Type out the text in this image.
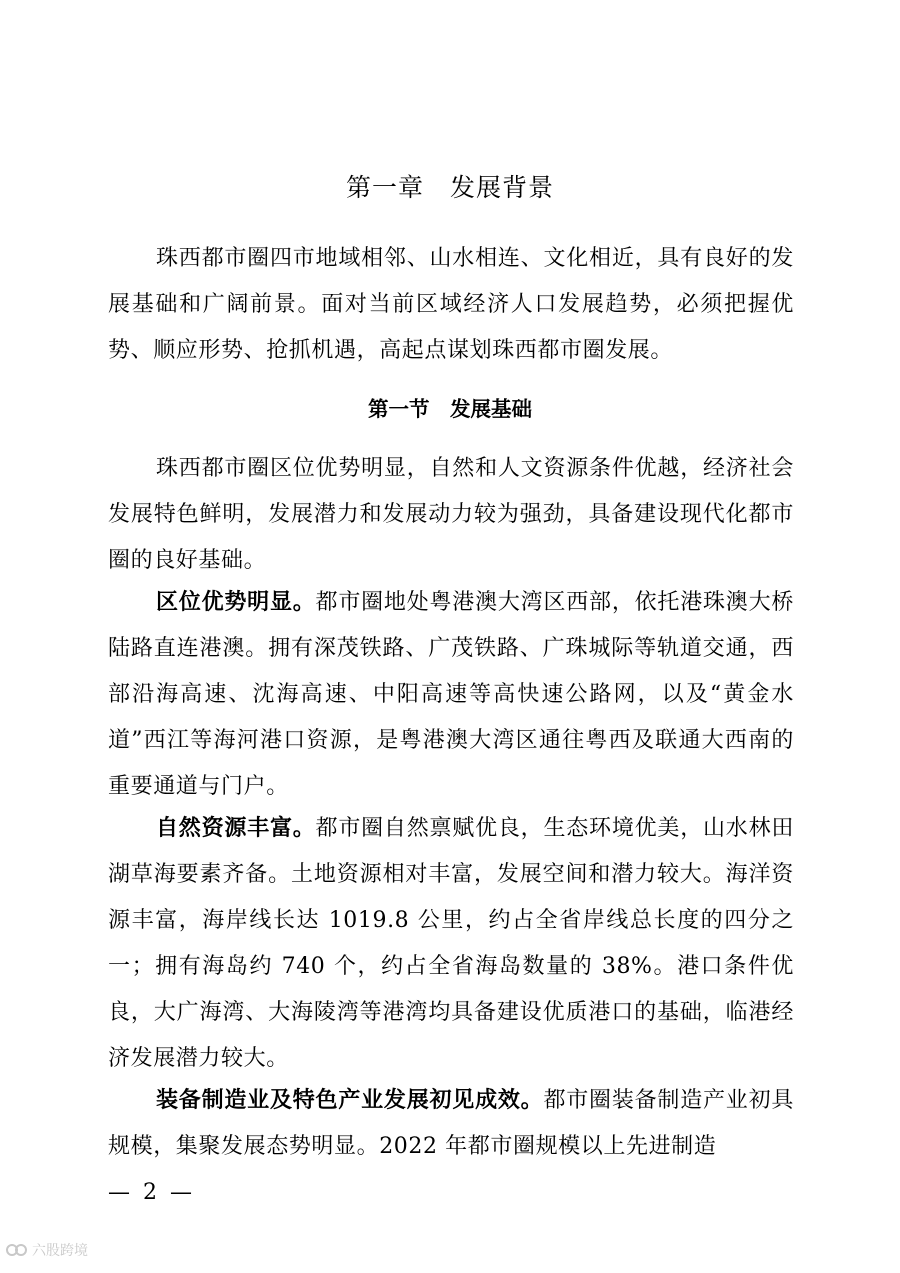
第一章　发展背景

珠西都市圈四市地域相邻、山水相连、文化相近，具有良好的发展基础和广阔前景。面对当前区域经济人口发展趋势，必须把握优势、顺应形势、抢抓机遇，高起点谋划珠西都市圈发展。

第一节　发展基础

珠西都市圈区位优势明显，自然和人文资源条件优越，经济社会发展特色鲜明，发展潜力和发展动力较为强劲，具备建设现代化都市圈的良好基础。

区位优势明显。都市圈地处粤港澳大湾区西部，依托港珠澳大桥陆路直连港澳。拥有深茂铁路、广茂铁路、广珠城际等轨道交通，西部沿海高速、沈海高速、中阳高速等高快速公路网，以及“黄金水道”西江等海河港口资源，是粤港澳大湾区通往粤西及联通大西南的重要通道与门户。

自然资源丰富。都市圈自然禀赋优良，生态环境优美，山水林田湖草海要素齐备。土地资源相对丰富，发展空间和潜力较大。海洋资源丰富，海岸线长达 1019.8 公里，约占全省岸线总长度的四分之一；拥有海岛约 740 个，约占全省海岛数量的 38%。港口条件优良，大广海湾、大海陵湾等港湾均具备建设优质港口的基础，临港经济发展潜力较大。

装备制造业及特色产业发展初见成效。都市圈装备制造产业初具规模，集聚发展态势明显。2022 年都市圈规模以上先进制造

— 2 —
六股跨境
